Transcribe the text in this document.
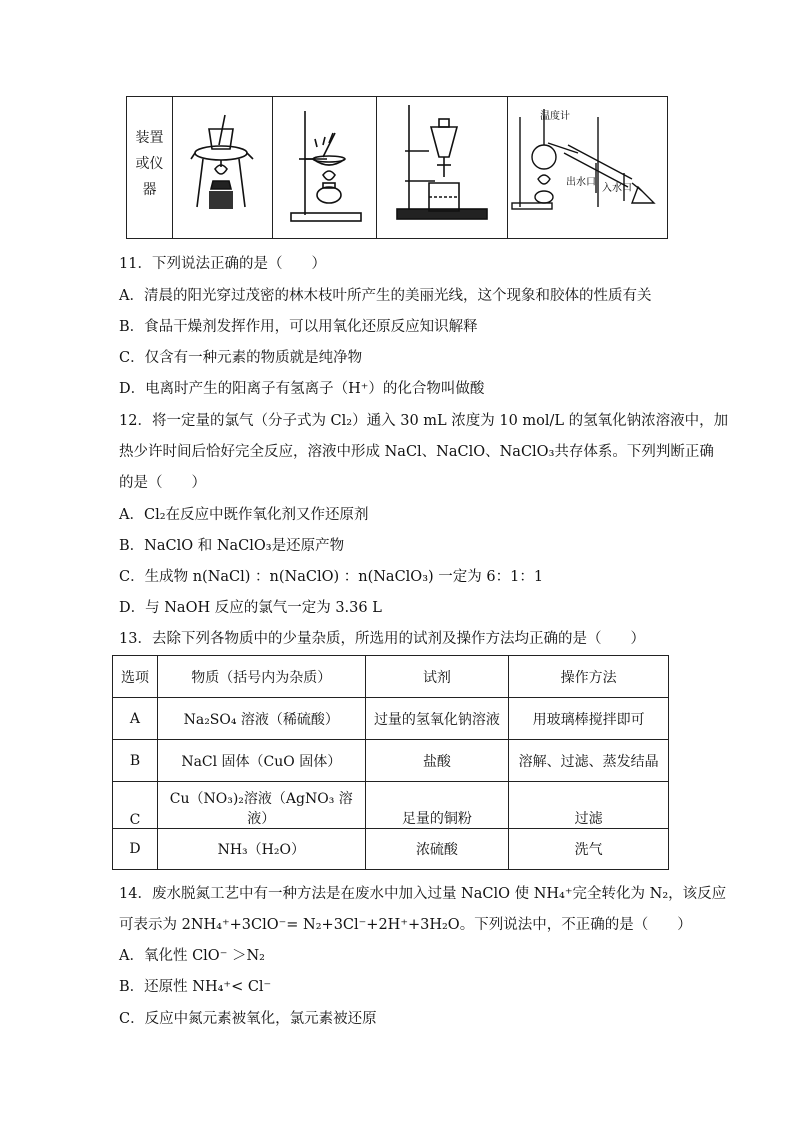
装置
或仪
器
温度计
出水口
入水口
11．下列说法正确的是（　　）
A．清晨的阳光穿过茂密的林木枝叶所产生的美丽光线，这个现象和胶体的性质有关
B．食品干燥剂发挥作用，可以用氧化还原反应知识解释
C．仅含有一种元素的物质就是纯净物
D．电离时产生的阳离子有氢离子（H⁺）的化合物叫做酸
12．将一定量的氯气（分子式为 Cl₂）通入 30 mL 浓度为 10 mol/L 的氢氧化钠浓溶液中，加
热少许时间后恰好完全反应，溶液中形成 NaCl、NaClO、NaClO₃共存体系。下列判断正确
的是（　　）
A．Cl₂在反应中既作氧化剂又作还原剂
B．NaClO 和 NaClO₃是还原产物
C．生成物 n(NaCl) ：n(NaClO) ：n(NaClO₃) 一定为 6：1：1
D．与 NaOH 反应的氯气一定为 3.36 L
13．去除下列各物质中的少量杂质，所选用的试剂及操作方法均正确的是（　　）
选项	物质（括号内为杂质）	试剂	操作方法
A	Na₂SO₄ 溶液（稀硫酸）	过量的氢氧化钠溶液	用玻璃棒搅拌即可
B	NaCl 固体（CuO 固体）	盐酸	溶解、过滤、蒸发结晶
C	Cu（NO₃)₂溶液（AgNO₃ 溶液）	足量的铜粉	过滤
D	NH₃（H₂O）	浓硫酸	洗气
14．废水脱氮工艺中有一种方法是在废水中加入过量 NaClO 使 NH₄⁺完全转化为 N₂，该反应
可表示为 2NH₄⁺+3ClO⁻= N₂+3Cl⁻+2H⁺+3H₂O。下列说法中，不正确的是（　　）
A．氧化性 ClO⁻ ＞N₂
B．还原性 NH₄⁺< Cl⁻
C．反应中氮元素被氧化，氯元素被还原
